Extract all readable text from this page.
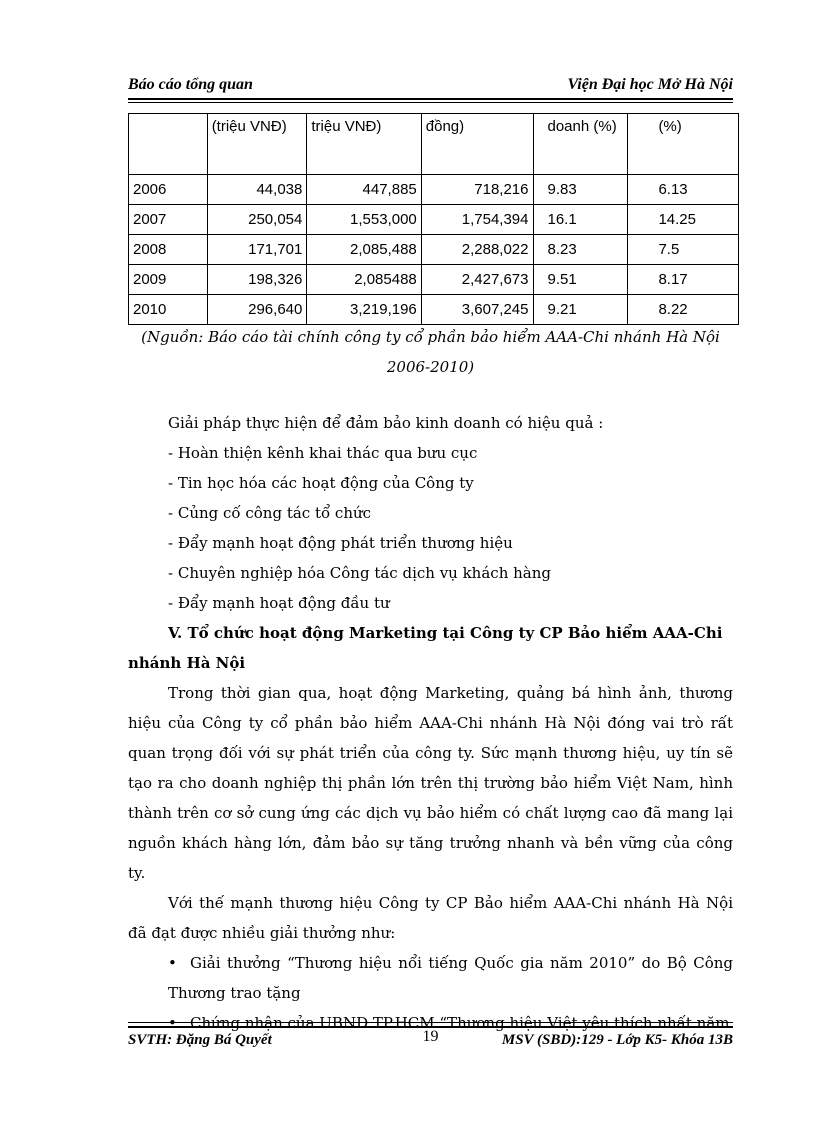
Báo cáo tổng quan	Viện Đại học Mở Hà Nội
	(triệu VNĐ)	triệu VNĐ)	đồng)	doanh (%)	(%)
2006	44,038	447,885	718,216	9.83	6.13
2007	250,054	1,553,000	1,754,394	16.1	14.25
2008	171,701	2,085,488	2,288,022	8.23	7.5
2009	198,326	2,085488	2,427,673	9.51	8.17
2010	296,640	3,219,196	3,607,245	9.21	8.22
(Nguồn: Báo cáo tài chính công ty cổ phần bảo hiểm AAA-Chi nhánh Hà Nội
2006-2010)

Giải pháp thực hiện để đảm bảo kinh doanh có hiệu quả :

- Hoàn thiện kênh khai thác qua bưu cục

- Tin học hóa các hoạt động của Công ty

- Củng cố công tác tổ chức

- Đẩy mạnh hoạt động phát triển thương hiệu

- Chuyên nghiệp hóa Công tác dịch vụ khách hàng

- Đẩy mạnh hoạt động đầu tư

V. Tổ chức hoạt động Marketing tại Công ty CP Bảo hiểm AAA-Chi

nhánh Hà Nội

Trong thời gian qua, hoạt động Marketing, quảng bá hình ảnh, thương hiệu của Công ty cổ phần bảo hiểm AAA-Chi nhánh Hà Nội đóng vai trò rất quan trọng đối với sự phát triển của công ty. Sức mạnh thương hiệu, uy tín sẽ tạo ra cho doanh nghiệp thị phần lớn trên thị trường bảo hiểm Việt Nam, hình thành trên cơ sở cung ứng các dịch vụ bảo hiểm có chất lượng cao đã mang lại nguồn khách hàng lớn, đảm bảo sự tăng trưởng nhanh và bền vững của công ty.

Với thế mạnh thương hiệu Công ty CP Bảo hiểm AAA-Chi nhánh Hà Nội đã đạt được nhiều giải thưởng như:

• Giải thưởng “Thương hiệu nổi tiếng Quốc gia năm 2010” do Bộ Công Thương trao tặng
• Chứng nhận của UBND TP.HCM “Thương hiệu Việt yêu thích nhất năm
SVTH: Đặng Bá Quyết	19	MSV (SBD):129 - Lớp K5- Khóa 13B
